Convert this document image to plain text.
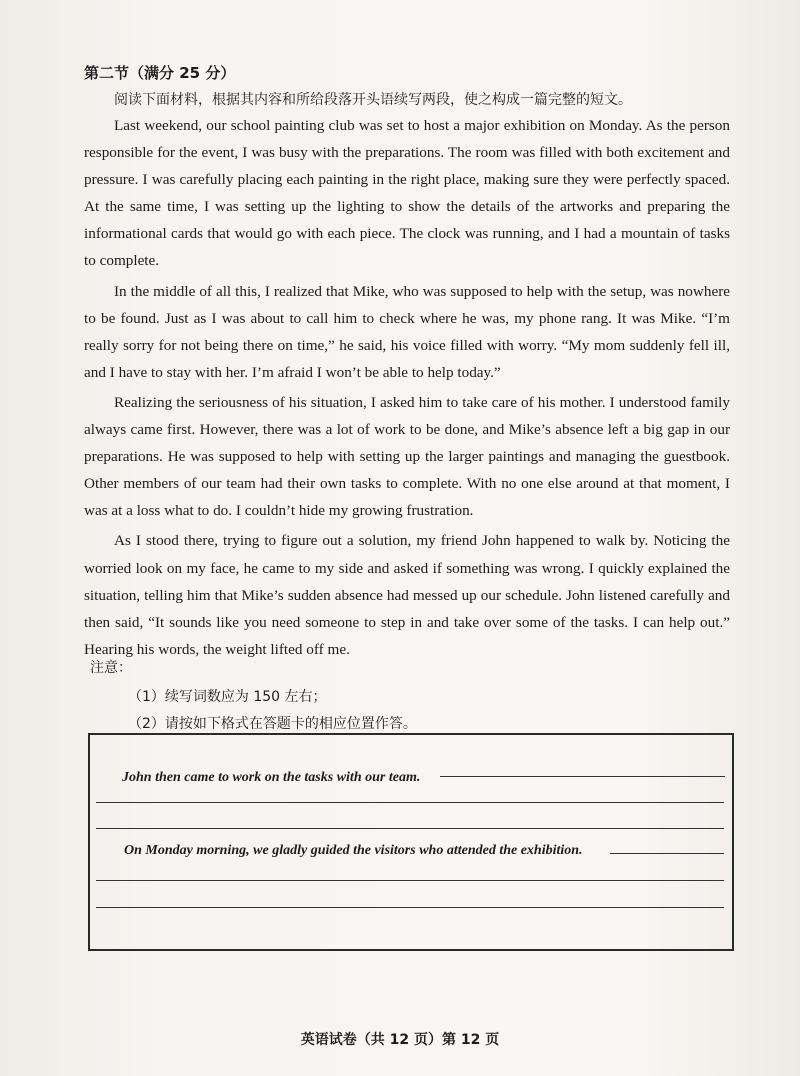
第二节（满分 25 分）
阅读下面材料，根据其内容和所给段落开头语续写两段，使之构成一篇完整的短文。

Last weekend, our school painting club was set to host a major exhibition on Monday. As the person responsible for the event, I was busy with the preparations. The room was filled with both excitement and pressure. I was carefully placing each painting in the right place, making sure they were perfectly spaced. At the same time, I was setting up the lighting to show the details of the artworks and preparing the informational cards that would go with each piece. The clock was running, and I had a mountain of tasks to complete.

In the middle of all this, I realized that Mike, who was supposed to help with the setup, was nowhere to be found. Just as I was about to call him to check where he was, my phone rang. It was Mike. “I’m really sorry for not being there on time,” he said, his voice filled with worry. “My mom suddenly fell ill, and I have to stay with her. I’m afraid I won’t be able to help today.”

Realizing the seriousness of his situation, I asked him to take care of his mother. I understood family always came first. However, there was a lot of work to be done, and Mike’s absence left a big gap in our preparations. He was supposed to help with setting up the larger paintings and managing the guestbook. Other members of our team had their own tasks to complete. With no one else around at that moment, I was at a loss what to do. I couldn’t hide my growing frustration.

As I stood there, trying to figure out a solution, my friend John happened to walk by. Noticing the worried look on my face, he came to my side and asked if something was wrong. I quickly explained the situation, telling him that Mike’s sudden absence had messed up our schedule. John listened carefully and then said, “It sounds like you need someone to step in and take over some of the tasks. I can help out.” Hearing his words, the weight lifted off me.

注意：
（1）续写词数应为 150 左右；
（2）请按如下格式在答题卡的相应位置作答。
John then came to work on the tasks with our team.
On Monday morning, we gladly guided the visitors who attended the exhibition.
英语试卷（共 12 页）第 12 页
